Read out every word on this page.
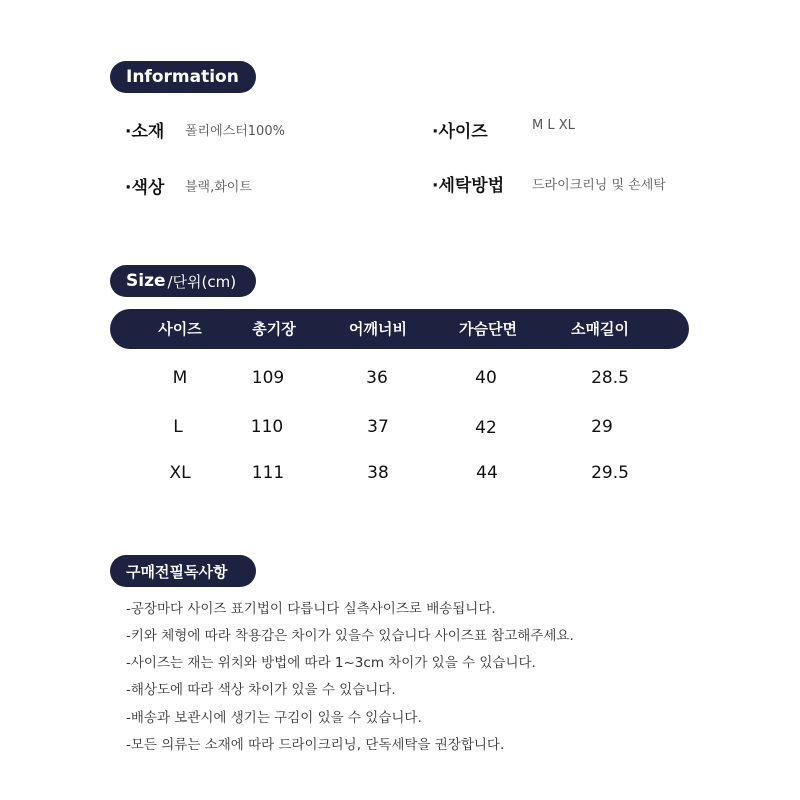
Information
·소재 폴리에스터100%	·사이즈	M L XL
·색상 블랙,화이트	·세탁방법 드라이크리닝 및 손세탁
Size /단위(cm)
사이즈	총기장	어깨너비	가슴단면	소매길이
M	109	36	40	28.5
L	110	37	42	29
XL	111	38	44	29.5
구매전필독사항
-공장마다 사이즈 표기법이 다릅니다 실측사이즈로 배송됩니다.
-키와 체형에 따라 착용감은 차이가 있을수 있습니다 사이즈표 참고해주세요.
-사이즈는 재는 위치와 방법에 따라 1~3cm 차이가 있을 수 있습니다.
-해상도에 따라 색상 차이가 있을 수 있습니다.
-배송과 보관시에 생기는 구김이 있을 수 있습니다.
-모든 의류는 소재에 따라 드라이크리닝, 단독세탁을 권장합니다.
